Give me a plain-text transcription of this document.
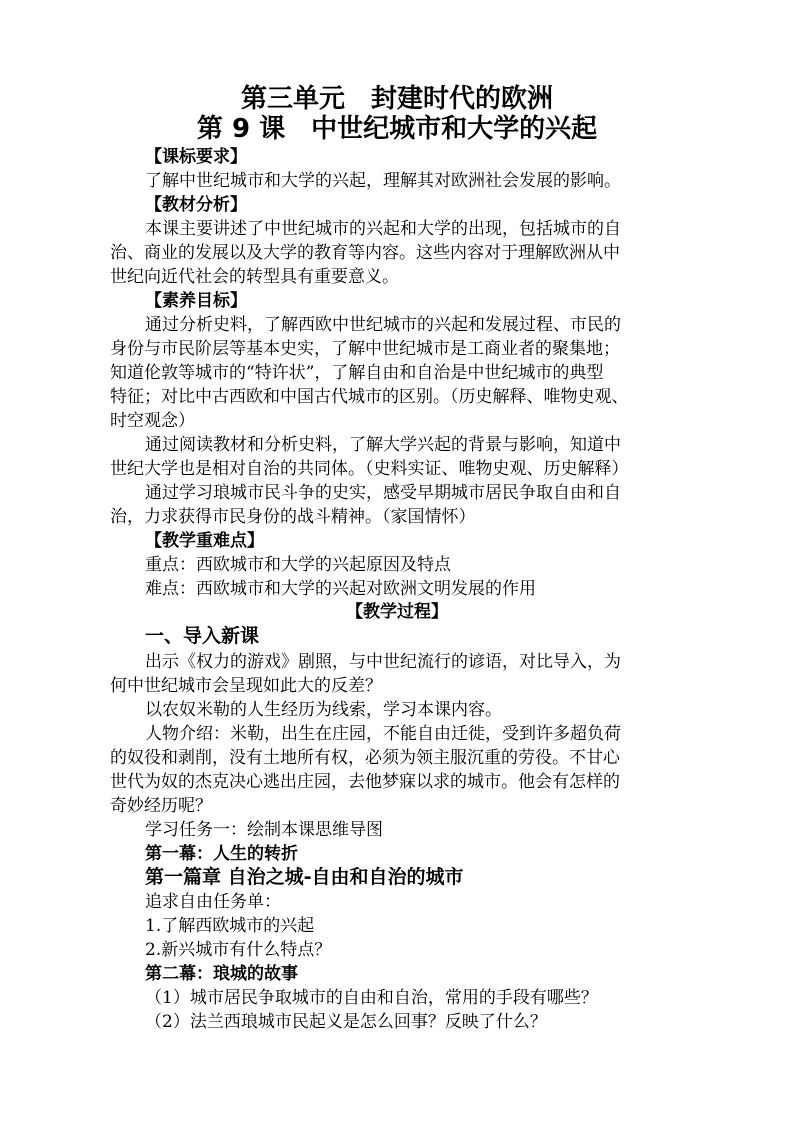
第三单元　封建时代的欧洲
第 9 课　中世纪城市和大学的兴起
【课标要求】
了解中世纪城市和大学的兴起，理解其对欧洲社会发展的影响。
【教材分析】
本课主要讲述了中世纪城市的兴起和大学的出现，包括城市的自
治、商业的发展以及大学的教育等内容。这些内容对于理解欧洲从中
世纪向近代社会的转型具有重要意义。
【素养目标】
通过分析史料，了解西欧中世纪城市的兴起和发展过程、市民的
身份与市民阶层等基本史实，了解中世纪城市是工商业者的聚集地；
知道伦敦等城市的“特许状”，了解自由和自治是中世纪城市的典型
特征；对比中古西欧和中国古代城市的区别。（历史解释、唯物史观、
时空观念）
通过阅读教材和分析史料，了解大学兴起的背景与影响，知道中
世纪大学也是相对自治的共同体。（史料实证、唯物史观、历史解释）
通过学习琅城市民斗争的史实，感受早期城市居民争取自由和自
治，力求获得市民身份的战斗精神。（家国情怀）
【教学重难点】
重点：西欧城市和大学的兴起原因及特点
难点：西欧城市和大学的兴起对欧洲文明发展的作用
【教学过程】
一、导入新课
出示《权力的游戏》剧照，与中世纪流行的谚语，对比导入，为
何中世纪城市会呈现如此大的反差？
以农奴米勒的人生经历为线索，学习本课内容。
人物介绍：米勒，出生在庄园，不能自由迁徙，受到许多超负荷
的奴役和剥削，没有土地所有权，必须为领主服沉重的劳役。不甘心
世代为奴的杰克决心逃出庄园，去他梦寐以求的城市。他会有怎样的
奇妙经历呢？
学习任务一：绘制本课思维导图
第一幕：人生的转折
第一篇章 自治之城-自由和自治的城市
追求自由任务单：
1.了解西欧城市的兴起
2.新兴城市有什么特点？
第二幕：琅城的故事
（1）城市居民争取城市的自由和自治，常用的手段有哪些？
（2）法兰西琅城市民起义是怎么回事？反映了什么？
